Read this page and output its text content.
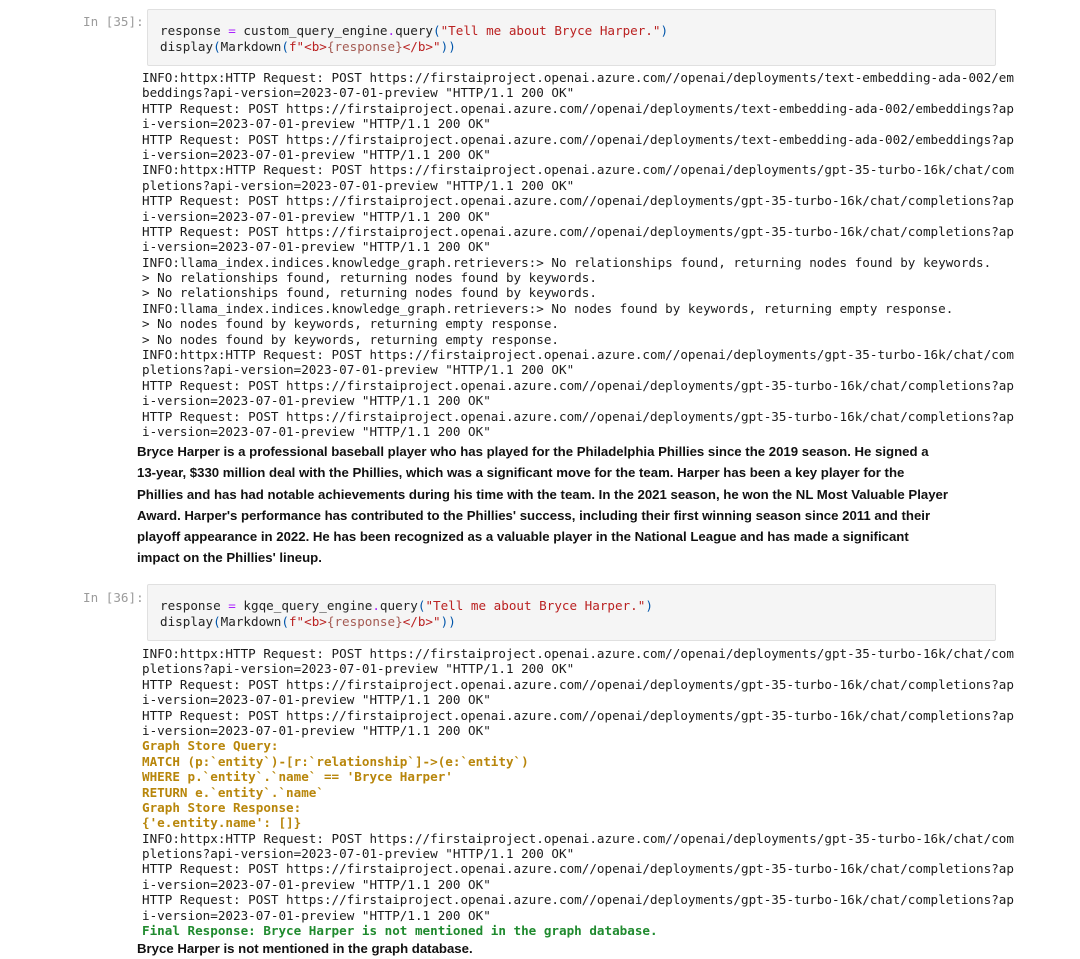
In [35]:
response = custom_query_engine.query("Tell me about Bryce Harper.")
display(Markdown(f"<b>{response}</b>"))
INFO:httpx:HTTP Request: POST https://firstaiproject.openai.azure.com//openai/deployments/text-embedding-ada-002/em
beddings?api-version=2023-07-01-preview "HTTP/1.1 200 OK"
HTTP Request: POST https://firstaiproject.openai.azure.com//openai/deployments/text-embedding-ada-002/embeddings?ap
i-version=2023-07-01-preview "HTTP/1.1 200 OK"
HTTP Request: POST https://firstaiproject.openai.azure.com//openai/deployments/text-embedding-ada-002/embeddings?ap
i-version=2023-07-01-preview "HTTP/1.1 200 OK"
INFO:httpx:HTTP Request: POST https://firstaiproject.openai.azure.com//openai/deployments/gpt-35-turbo-16k/chat/com
pletions?api-version=2023-07-01-preview "HTTP/1.1 200 OK"
HTTP Request: POST https://firstaiproject.openai.azure.com//openai/deployments/gpt-35-turbo-16k/chat/completions?ap
i-version=2023-07-01-preview "HTTP/1.1 200 OK"
HTTP Request: POST https://firstaiproject.openai.azure.com//openai/deployments/gpt-35-turbo-16k/chat/completions?ap
i-version=2023-07-01-preview "HTTP/1.1 200 OK"
INFO:llama_index.indices.knowledge_graph.retrievers:> No relationships found, returning nodes found by keywords.
> No relationships found, returning nodes found by keywords.
> No relationships found, returning nodes found by keywords.
INFO:llama_index.indices.knowledge_graph.retrievers:> No nodes found by keywords, returning empty response.
> No nodes found by keywords, returning empty response.
> No nodes found by keywords, returning empty response.
INFO:httpx:HTTP Request: POST https://firstaiproject.openai.azure.com//openai/deployments/gpt-35-turbo-16k/chat/com
pletions?api-version=2023-07-01-preview "HTTP/1.1 200 OK"
HTTP Request: POST https://firstaiproject.openai.azure.com//openai/deployments/gpt-35-turbo-16k/chat/completions?ap
i-version=2023-07-01-preview "HTTP/1.1 200 OK"
HTTP Request: POST https://firstaiproject.openai.azure.com//openai/deployments/gpt-35-turbo-16k/chat/completions?ap
i-version=2023-07-01-preview "HTTP/1.1 200 OK"
Bryce Harper is a professional baseball player who has played for the Philadelphia Phillies since the 2019 season. He signed a
13-year, $330 million deal with the Phillies, which was a significant move for the team. Harper has been a key player for the
Phillies and has had notable achievements during his time with the team. In the 2021 season, he won the NL Most Valuable Player
Award. Harper's performance has contributed to the Phillies' success, including their first winning season since 2011 and their
playoff appearance in 2022. He has been recognized as a valuable player in the National League and has made a significant
impact on the Phillies' lineup.
In [36]:
response = kgqe_query_engine.query("Tell me about Bryce Harper.")
display(Markdown(f"<b>{response}</b>"))
INFO:httpx:HTTP Request: POST https://firstaiproject.openai.azure.com//openai/deployments/gpt-35-turbo-16k/chat/com
pletions?api-version=2023-07-01-preview "HTTP/1.1 200 OK"
HTTP Request: POST https://firstaiproject.openai.azure.com//openai/deployments/gpt-35-turbo-16k/chat/completions?ap
i-version=2023-07-01-preview "HTTP/1.1 200 OK"
HTTP Request: POST https://firstaiproject.openai.azure.com//openai/deployments/gpt-35-turbo-16k/chat/completions?ap
i-version=2023-07-01-preview "HTTP/1.1 200 OK"
Graph Store Query:
MATCH (p:`entity`)-[r:`relationship`]->(e:`entity`)
WHERE p.`entity`.`name` == 'Bryce Harper'
RETURN e.`entity`.`name`
Graph Store Response:
{'e.entity.name': []}
INFO:httpx:HTTP Request: POST https://firstaiproject.openai.azure.com//openai/deployments/gpt-35-turbo-16k/chat/com
pletions?api-version=2023-07-01-preview "HTTP/1.1 200 OK"
HTTP Request: POST https://firstaiproject.openai.azure.com//openai/deployments/gpt-35-turbo-16k/chat/completions?ap
i-version=2023-07-01-preview "HTTP/1.1 200 OK"
HTTP Request: POST https://firstaiproject.openai.azure.com//openai/deployments/gpt-35-turbo-16k/chat/completions?ap
i-version=2023-07-01-preview "HTTP/1.1 200 OK"
Final Response: Bryce Harper is not mentioned in the graph database.
Bryce Harper is not mentioned in the graph database.
